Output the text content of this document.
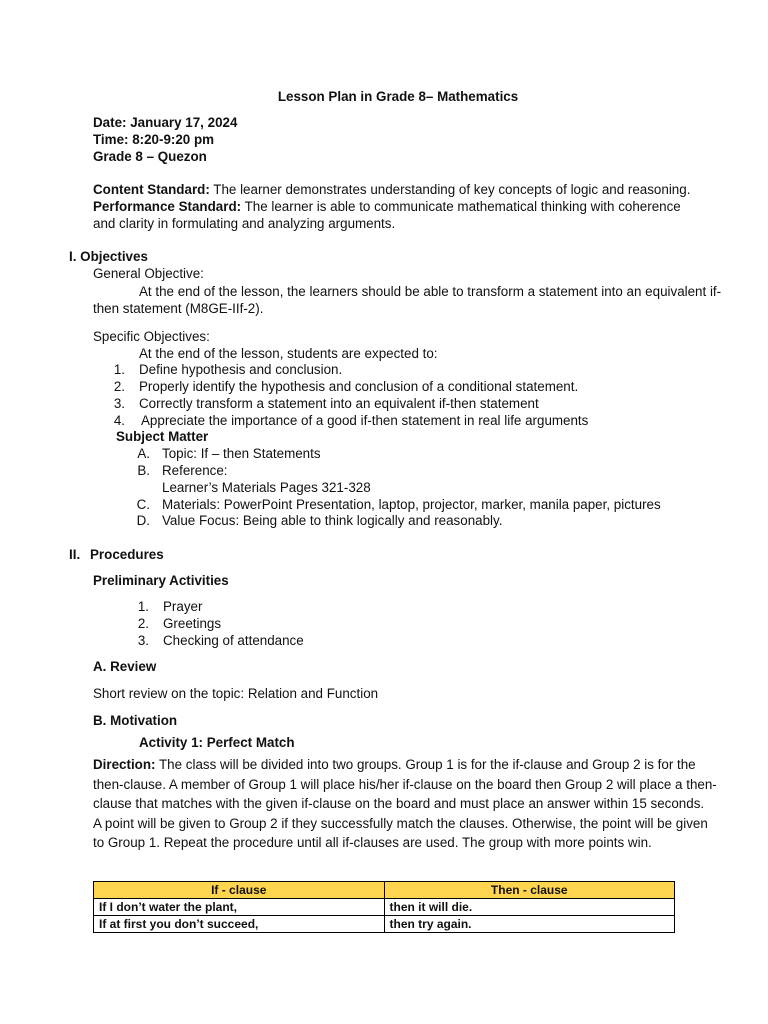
Lesson Plan in Grade 8– Mathematics
Date: January 17, 2024
Time: 8:20-9:20 pm
Grade 8 – Quezon
Content Standard: The learner demonstrates understanding of key concepts of logic and reasoning.
Performance Standard: The learner is able to communicate mathematical thinking with coherence and clarity in formulating and analyzing arguments.
I. Objectives
General Objective:
At the end of the lesson, the learners should be able to transform a statement into an equivalent if-
then statement (M8GE-IIf-2).
Specific Objectives:
At the end of the lesson, students are expected to:
1. Define hypothesis and conclusion.
2. Properly identify the hypothesis and conclusion of a conditional statement.
3. Correctly transform a statement into an equivalent if-then statement
4. Appreciate the importance of a good if-then statement in real life arguments
Subject Matter
A. Topic: If – then Statements
B. Reference:
Learner’s Materials Pages 321-328
C. Materials: PowerPoint Presentation, laptop, projector, marker, manila paper, pictures
D. Value Focus: Being able to think logically and reasonably.
II. Procedures
Preliminary Activities
1. Prayer
2. Greetings
3. Checking of attendance
A. Review
Short review on the topic: Relation and Function
B. Motivation
Activity 1: Perfect Match
Direction: The class will be divided into two groups. Group 1 is for the if-clause and Group 2 is for the
then-clause. A member of Group 1 will place his/her if-clause on the board then Group 2 will place a then-
clause that matches with the given if-clause on the board and must place an answer within 15 seconds.
A point will be given to Group 2 if they successfully match the clauses. Otherwise, the point will be given
to Group 1. Repeat the procedure until all if-clauses are used. The group with more points win.
If - clause	Then - clause
If I don’t water the plant,	then it will die.
If at first you don’t succeed,	then try again.
